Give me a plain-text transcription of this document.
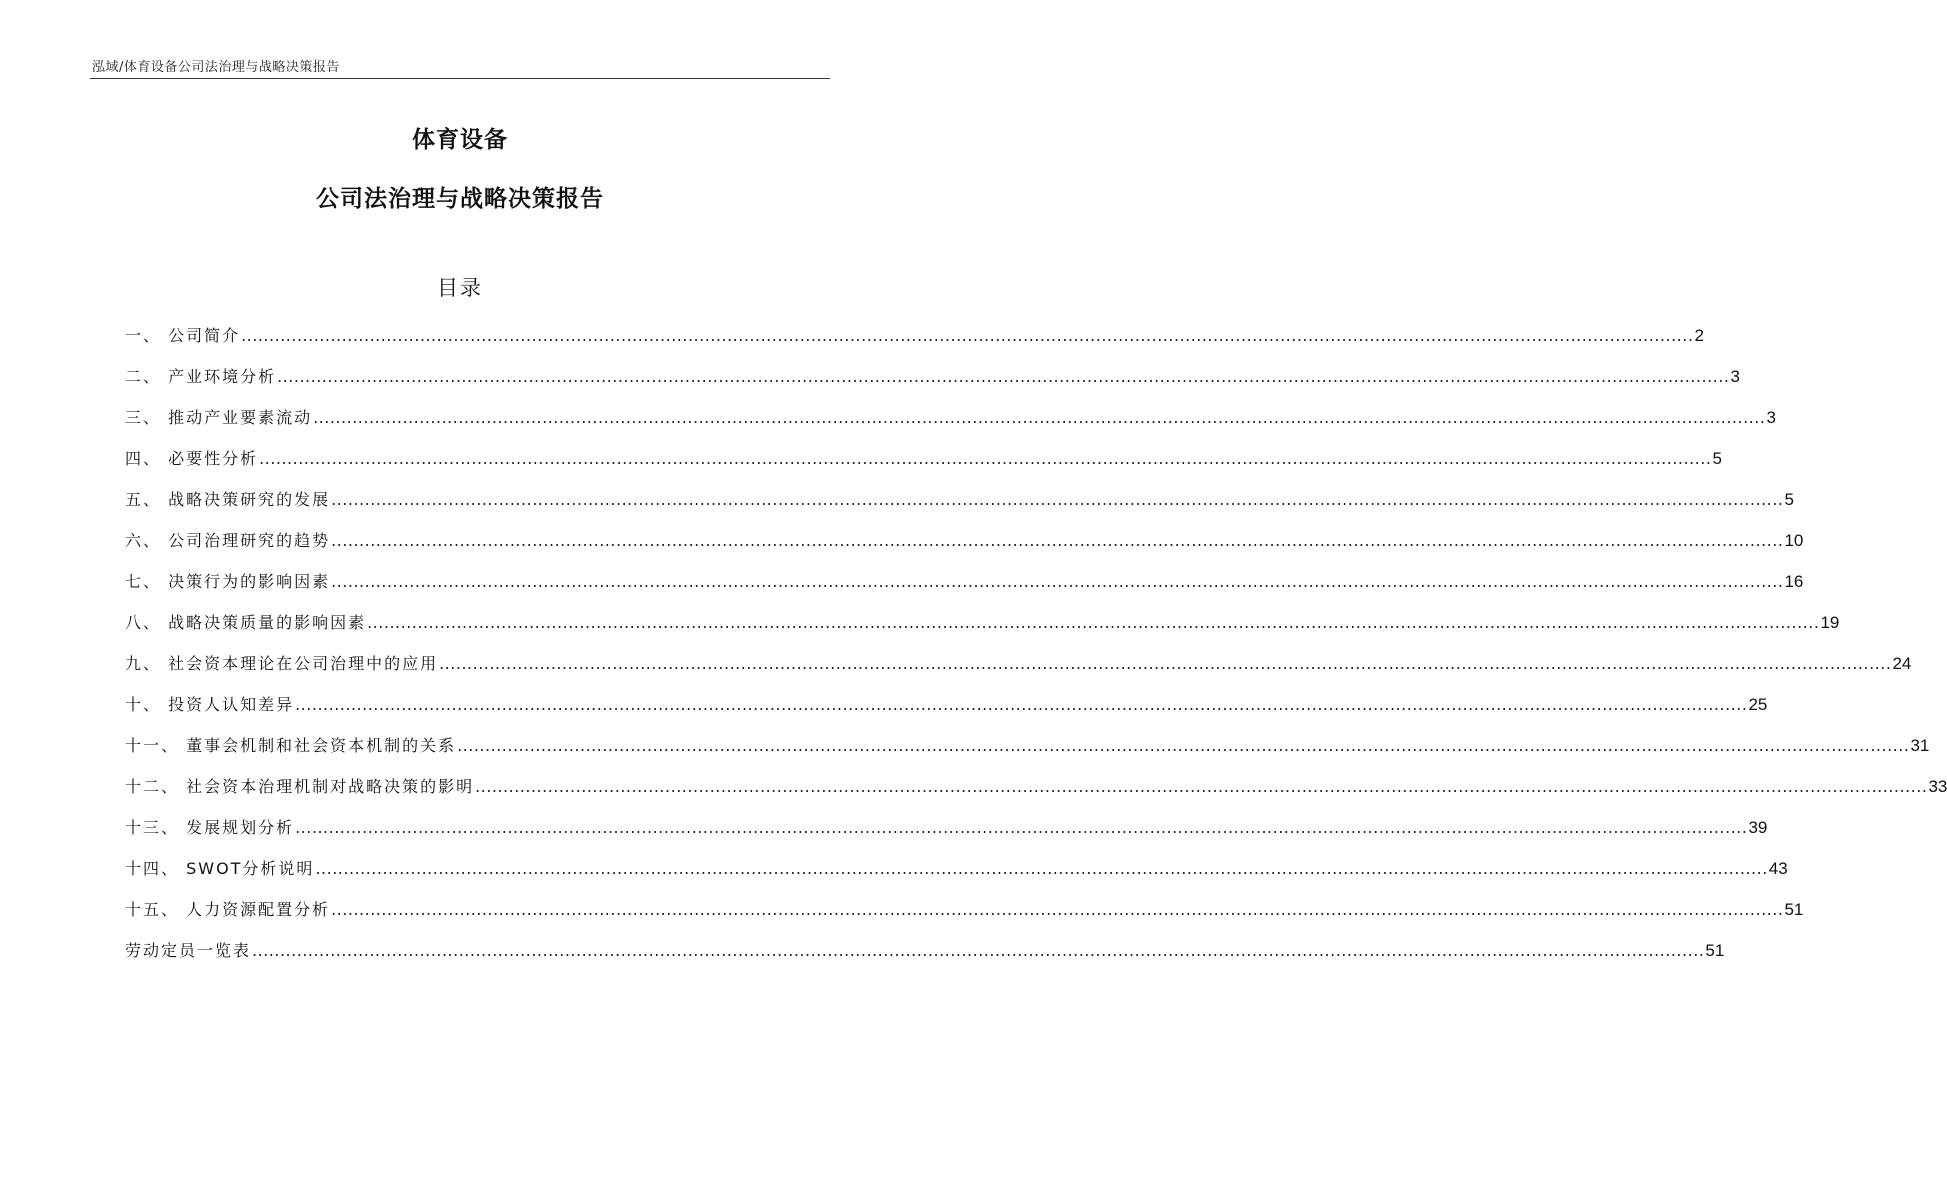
泓域/体育设备公司法治理与战略决策报告
体育设备
公司法治理与战略决策报告
目录
一、 公司简介 .................................................................................................................................................................................................................................................................... 2
二、 产业环境分析 .................................................................................................................................................................................................................................................................... 3
三、 推动产业要素流动 .................................................................................................................................................................................................................................................................... 3
四、 必要性分析 .................................................................................................................................................................................................................................................................... 5
五、 战略决策研究的发展 .................................................................................................................................................................................................................................................................... 5
六、 公司治理研究的趋势 .................................................................................................................................................................................................................................................................... 10
七、 决策行为的影响因素 .................................................................................................................................................................................................................................................................... 16
八、 战略决策质量的影响因素 .................................................................................................................................................................................................................................................................... 19
九、 社会资本理论在公司治理中的应用 .................................................................................................................................................................................................................................................................... 24
十、 投资人认知差异 .................................................................................................................................................................................................................................................................... 25
十一、 董事会机制和社会资本机制的关系 .................................................................................................................................................................................................................................................................... 31
十二、 社会资本治理机制对战略决策的影明 .................................................................................................................................................................................................................................................................... 33
十三、 发展规划分析 .................................................................................................................................................................................................................................................................... 39
十四、 SWOT分析说明 .................................................................................................................................................................................................................................................................... 43
十五、 人力资源配置分析 .................................................................................................................................................................................................................................................................... 51
劳动定员一览表 .................................................................................................................................................................................................................................................................... 51
